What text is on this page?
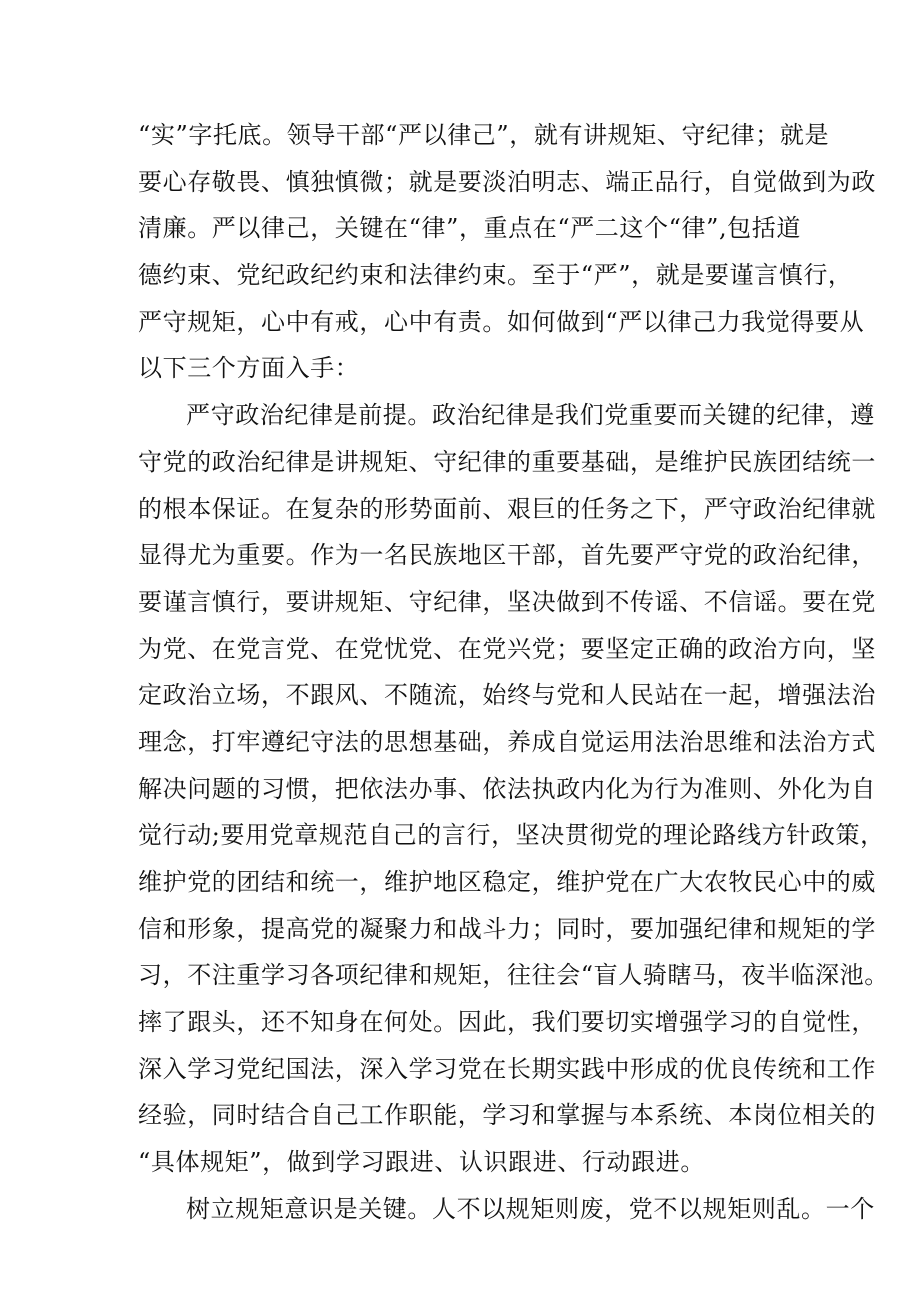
“实”字托底。领导干部“严以律己”，就有讲规矩、守纪律；就是
要心存敬畏、慎独慎微；就是要淡泊明志、端正品行，自觉做到为政
清廉。严以律己，关键在“律”，重点在“严二这个“律”,包括道
德约束、党纪政纪约束和法律约束。至于“严”，就是要谨言慎行，
严守规矩，心中有戒，心中有责。如何做到“严以律己力我觉得要从
以下三个方面入手：
严守政治纪律是前提。政治纪律是我们党重要而关键的纪律，遵
守党的政治纪律是讲规矩、守纪律的重要基础，是维护民族团结统一
的根本保证。在复杂的形势面前、艰巨的任务之下，严守政治纪律就
显得尤为重要。作为一名民族地区干部，首先要严守党的政治纪律，
要谨言慎行，要讲规矩、守纪律，坚决做到不传谣、不信谣。要在党
为党、在党言党、在党忧党、在党兴党；要坚定正确的政治方向，坚
定政治立场，不跟风、不随流，始终与党和人民站在一起，增强法治
理念，打牢遵纪守法的思想基础，养成自觉运用法治思维和法治方式
解决问题的习惯，把依法办事、依法执政内化为行为准则、外化为自
觉行动;要用党章规范自己的言行，坚决贯彻党的理论路线方针政策，
维护党的团结和统一，维护地区稳定，维护党在广大农牧民心中的威
信和形象，提高党的凝聚力和战斗力；同时，要加强纪律和规矩的学
习，不注重学习各项纪律和规矩，往往会“盲人骑瞎马，夜半临深池。
摔了跟头，还不知身在何处。因此，我们要切实增强学习的自觉性，
深入学习党纪国法，深入学习党在长期实践中形成的优良传统和工作
经验，同时结合自己工作职能，学习和掌握与本系统、本岗位相关的
“具体规矩”，做到学习跟进、认识跟进、行动跟进。
树立规矩意识是关键。人不以规矩则废，党不以规矩则乱。一个
